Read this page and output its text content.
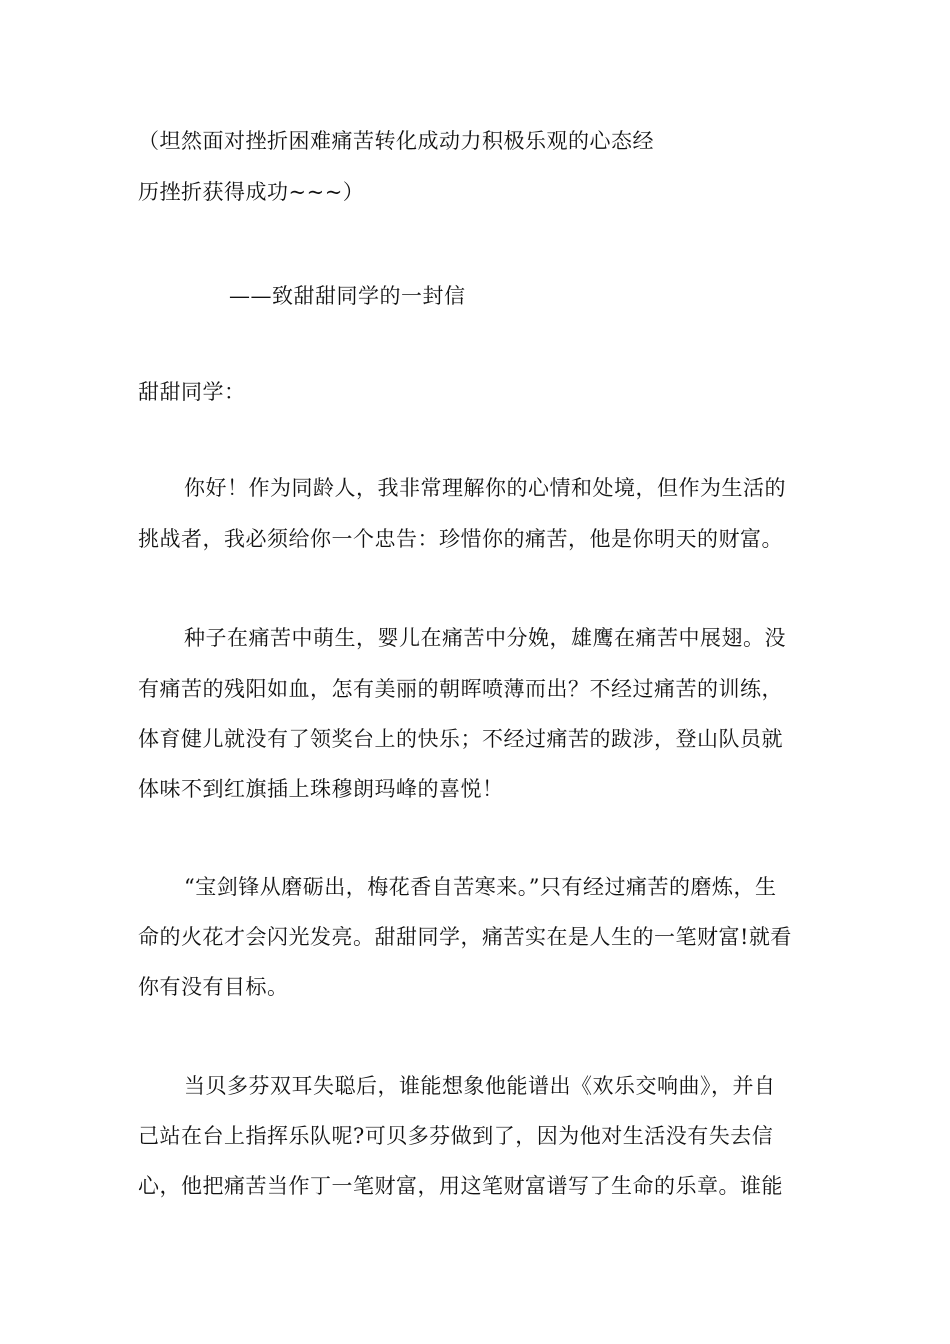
（坦然面对挫折困难痛苦转化成动力积极乐观的心态经
历挫折获得成功~~~）
——致甜甜同学的一封信
甜甜同学：
你好！作为同龄人，我非常理解你的心情和处境，但作为生活的
挑战者，我必须给你一个忠告：珍惜你的痛苦，他是你明天的财富。
种子在痛苦中萌生，婴儿在痛苦中分娩，雄鹰在痛苦中展翅。没
有痛苦的残阳如血，怎有美丽的朝晖喷薄而出？不经过痛苦的训练，
体育健儿就没有了领奖台上的快乐；不经过痛苦的跋涉，登山队员就
体味不到红旗插上珠穆朗玛峰的喜悦！
“宝剑锋从磨砺出，梅花香自苦寒来。”只有经过痛苦的磨炼，生
命的火花才会闪光发亮。甜甜同学，痛苦实在是人生的一笔财富!就看
你有没有目标。
当贝多芬双耳失聪后，谁能想象他能谱出《欢乐交响曲》，并自
己站在台上指挥乐队呢?可贝多芬做到了，因为他对生活没有失去信
心，他把痛苦当作丁一笔财富，用这笔财富谱写了生命的乐章。谁能
